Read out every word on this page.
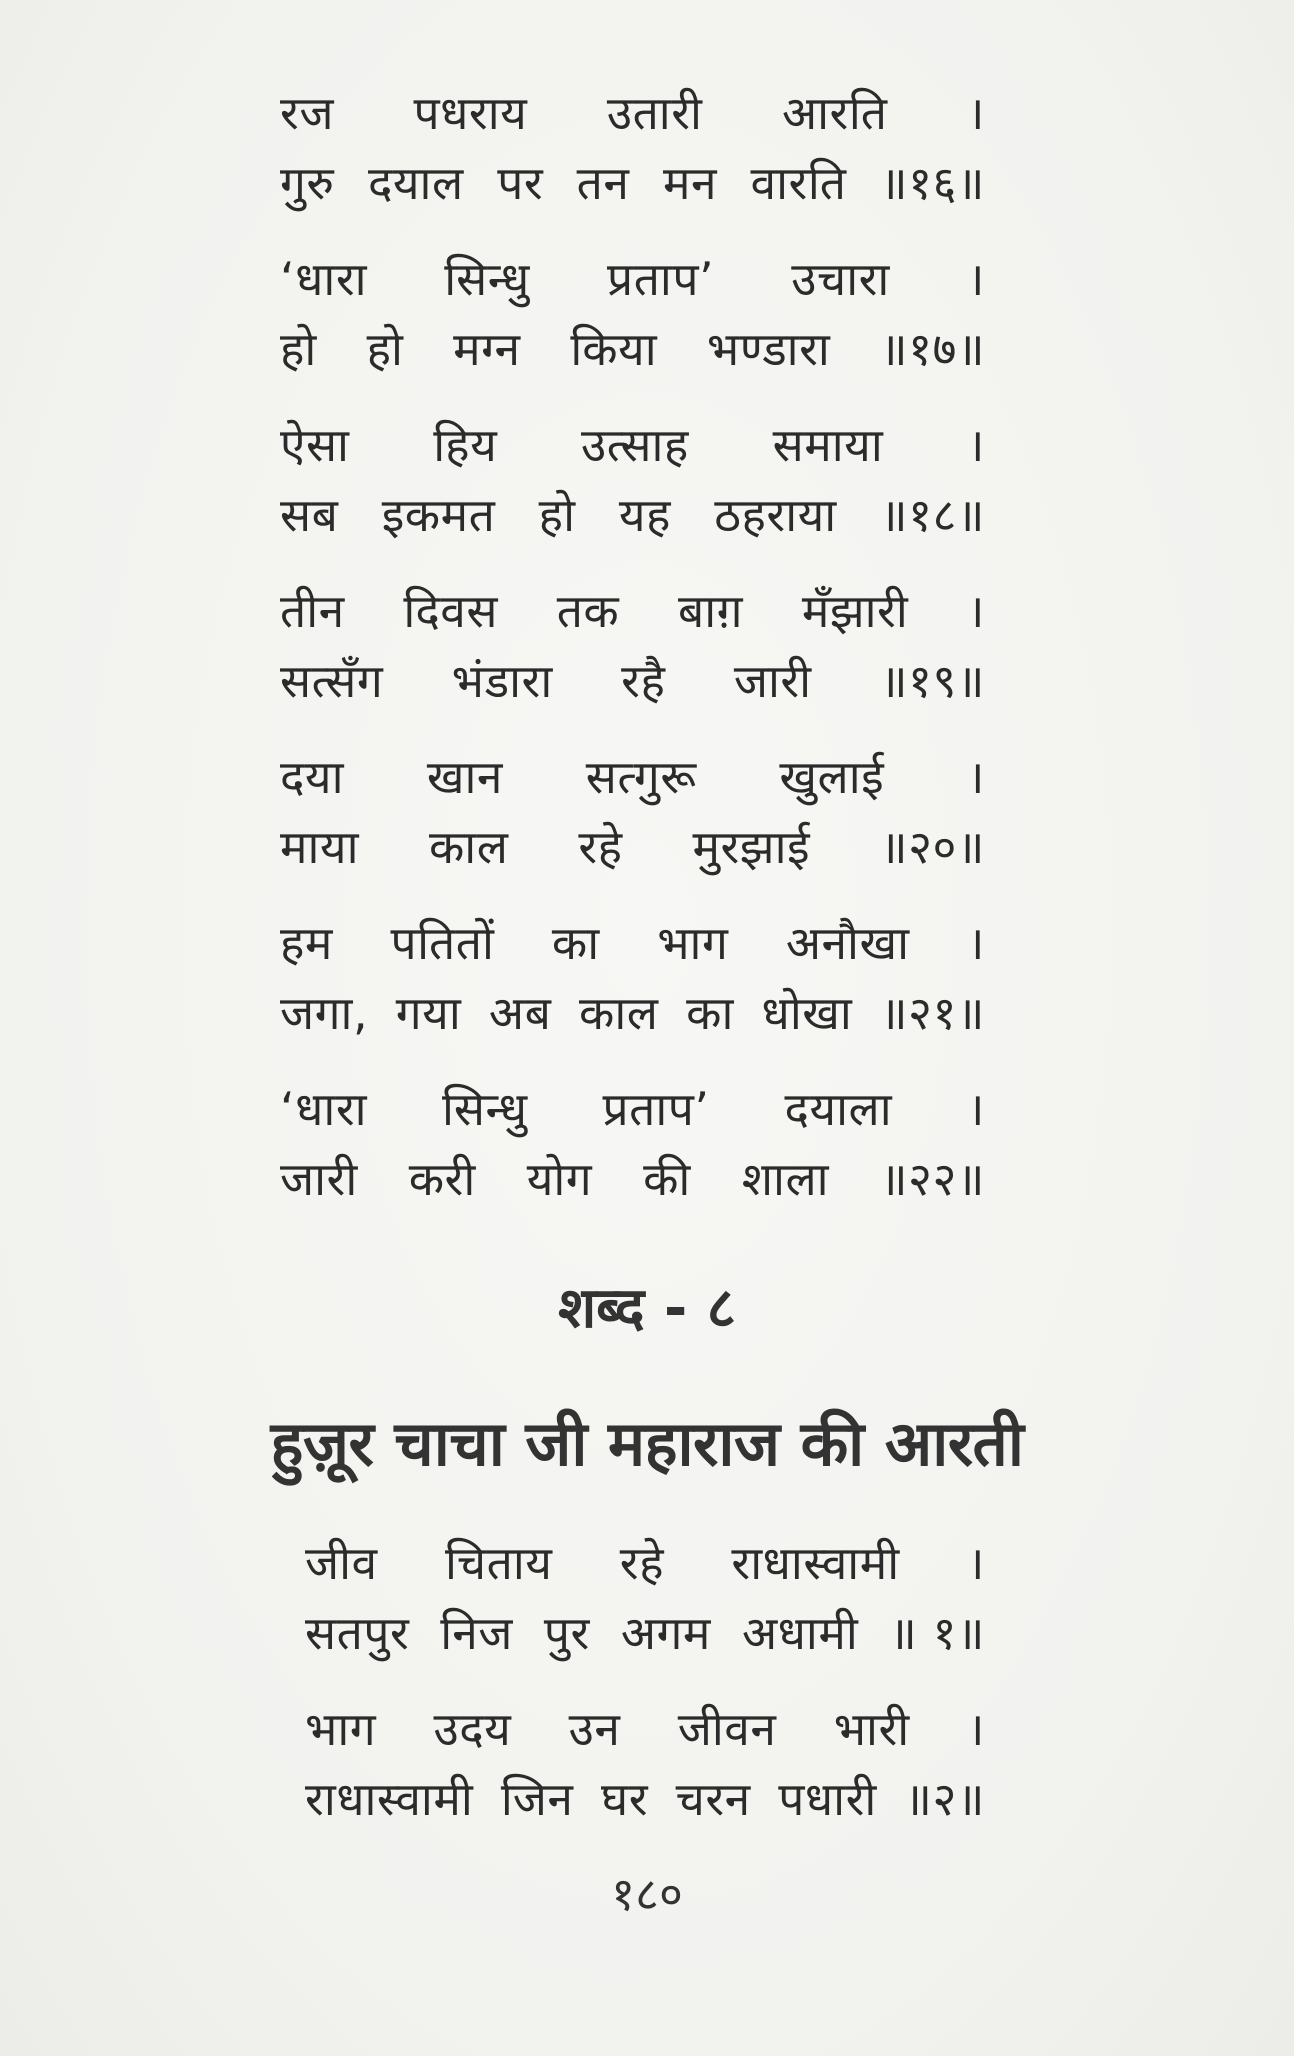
रज पधराय उतारी आरति ।
गुरु दयाल पर तन मन वारति ॥१६॥
‘धारा सिन्धु प्रताप’ उचारा ।
हो हो मग्न किया भण्डारा ॥१७॥
ऐसा हिय उत्साह समाया ।
सब इकमत हो यह ठहराया ॥१८॥
तीन दिवस तक बाग़ मँझारी ।
सत्सँग भंडारा रहै जारी ॥१९॥
दया खान सत्गुरू खुलाई ।
माया काल रहे मुरझाई ॥२०॥
हम पतितों का भाग अनौखा ।
जगा, गया अब काल का धोखा ॥२१॥
‘धारा सिन्धु प्रताप’ दयाला ।
जारी करी योग की शाला ॥२२॥
शब्द - ८
हुज़ूर चाचा जी महाराज की आरती
जीव चिताय रहे राधास्वामी ।
सतपुर निज पुर अगम अधामी ॥ १॥
भाग उदय उन जीवन भारी ।
राधास्वामी जिन घर चरन पधारी ॥२॥
१८०
